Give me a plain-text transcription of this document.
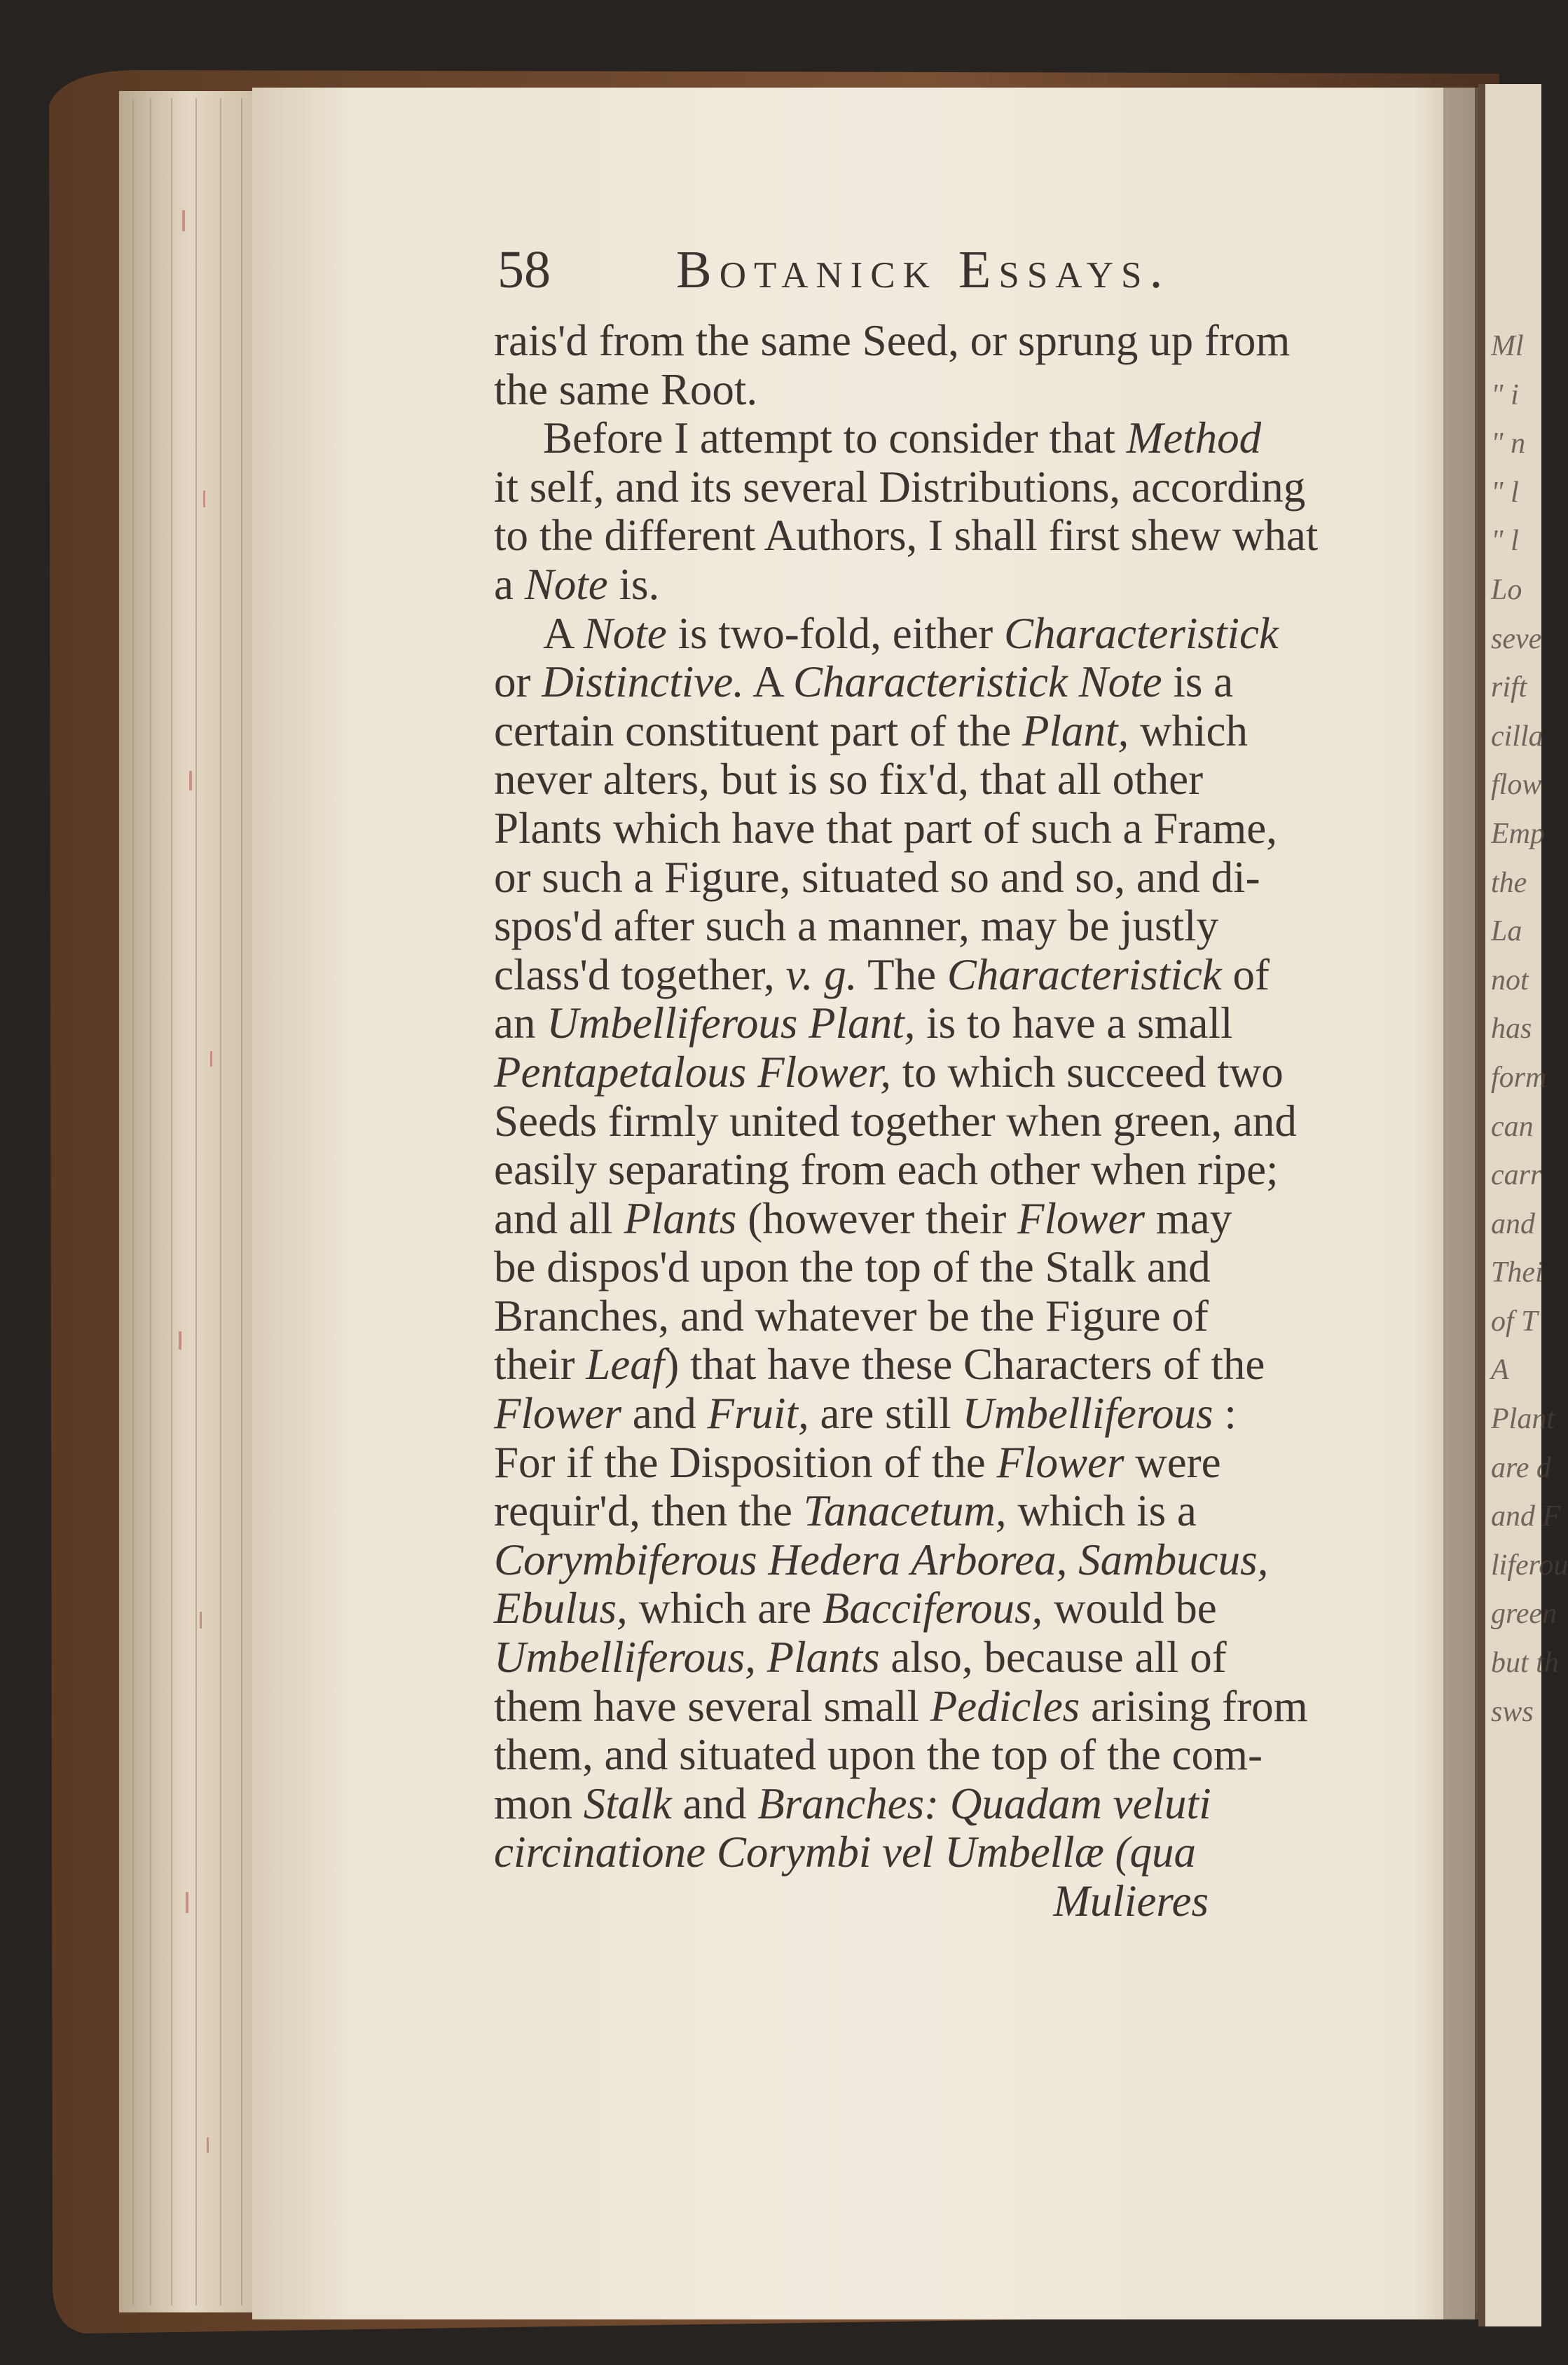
58 Botanick Essays.
rais'd from the same Seed, or sprung up from
the same Root.
Before I attempt to consider that Method
it self, and its several Distributions, according
to the different Authors, I shall first shew what
a Note is.
A Note is two-fold, either Characteristick
or Distinctive. A Characteristick Note is a
certain constituent part of the Plant, which
never alters, but is so fix'd, that all other
Plants which have that part of such a Frame,
or such a Figure, situated so and so, and di-
spos'd after such a manner, may be justly
class'd together, v. g. The Characteristick of
an Umbelliferous Plant, is to have a small
Pentapetalous Flower, to which succeed two
Seeds firmly united together when green, and
easily separating from each other when ripe;
and all Plants (however their Flower may
be dispos'd upon the top of the Stalk and
Branches, and whatever be the Figure of
their Leaf) that have these Characters of the
Flower and Fruit, are still Umbelliferous :
For if the Disposition of the Flower were
requir'd, then the Tanacetum, which is a
Corymbiferous Hedera Arborea, Sambucus,
Ebulus, which are Bacciferous, would be
Umbelliferous, Plants also, because all of
them have several small Pedicles arising from
them, and situated upon the top of the com-
mon Stalk and Branches: Quadam veluti
circinatione Corymbi vel Umbellæ (qua
Mulieres
Ml
" i
" n
" l
" l
Lo
seve
rift
cilla
flow
Emp
the
La
not
has
form
can
carr
and
Thei
of T
A
Plant
are d
and F
liferou
green
but th
sws
